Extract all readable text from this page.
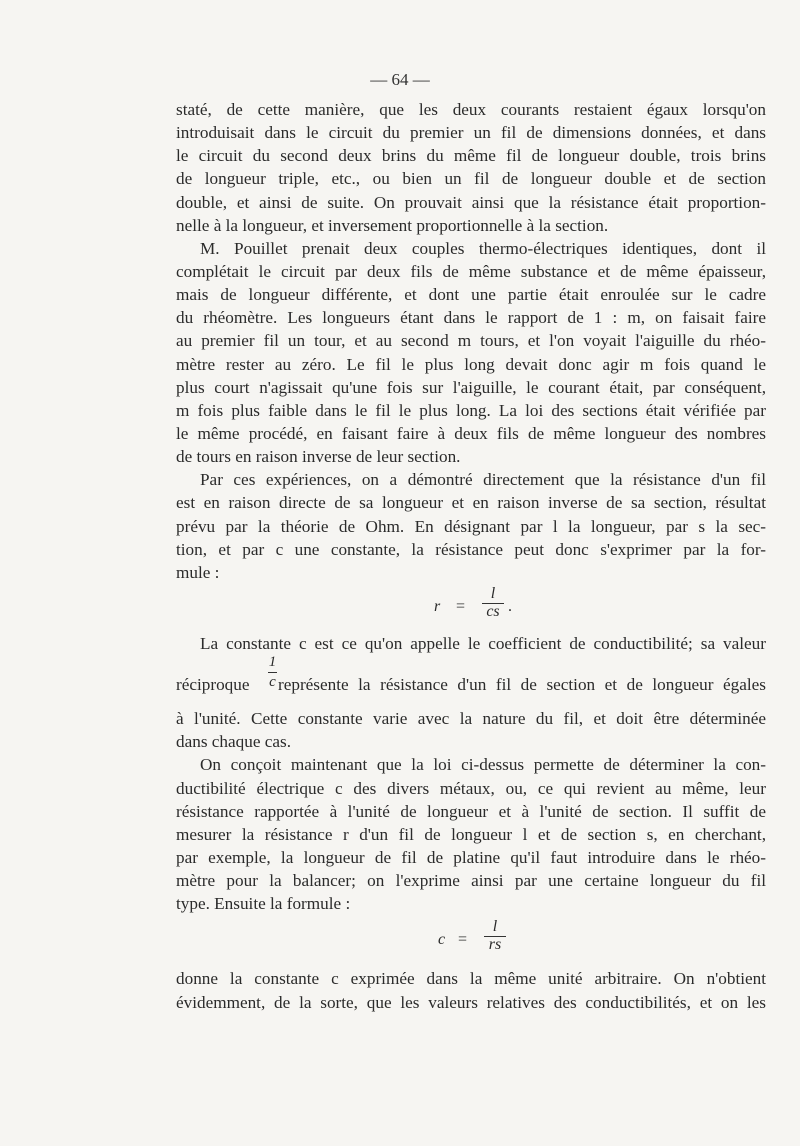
— 64 —
staté, de cette manière, que les deux courants restaient égaux lorsqu'on
introduisait dans le circuit du premier un fil de dimensions données, et dans
le circuit du second deux brins du même fil de longueur double, trois brins
de longueur triple, etc., ou bien un fil de longueur double et de section
double, et ainsi de suite. On prouvait ainsi que la résistance était proportion-
nelle à la longueur, et inversement proportionnelle à la section.
M. Pouillet prenait deux couples thermo-électriques identiques, dont il
complétait le circuit par deux fils de même substance et de même épaisseur,
mais de longueur différente, et dont une partie était enroulée sur le cadre
du rhéomètre. Les longueurs étant dans le rapport de 1 : m, on faisait faire
au premier fil un tour, et au second m tours, et l'on voyait l'aiguille du rhéo-
mètre rester au zéro. Le fil le plus long devait donc agir m fois quand le
plus court n'agissait qu'une fois sur l'aiguille, le courant était, par conséquent,
m fois plus faible dans le fil le plus long. La loi des sections était vérifiée par
le même procédé, en faisant faire à deux fils de même longueur des nombres
de tours en raison inverse de leur section.
Par ces expériences, on a démontré directement que la résistance d'un fil
est en raison directe de sa longueur et en raison inverse de sa section, résultat
prévu par la théorie de Ohm. En désignant par l la longueur, par s la sec-
tion, et par c une constante, la résistance peut donc s'exprimer par la for-
mule :
r =
l
cs .
La constante c est ce qu'on appelle le coefficient de conductibilité; sa valeur
réciproque
1
c représente la résistance d'un fil de section et de longueur égales
à l'unité. Cette constante varie avec la nature du fil, et doit être déterminée
dans chaque cas.
On conçoit maintenant que la loi ci-dessus permette de déterminer la con-
ductibilité électrique c des divers métaux, ou, ce qui revient au même, leur
résistance rapportée à l'unité de longueur et à l'unité de section. Il suffit de
mesurer la résistance r d'un fil de longueur l et de section s, en cherchant,
par exemple, la longueur de fil de platine qu'il faut introduire dans le rhéo-
mètre pour la balancer; on l'exprime ainsi par une certaine longueur du fil
type. Ensuite la formule :
c =
l
rs
donne la constante c exprimée dans la même unité arbitraire. On n'obtient
évidemment, de la sorte, que les valeurs relatives des conductibilités, et on les
